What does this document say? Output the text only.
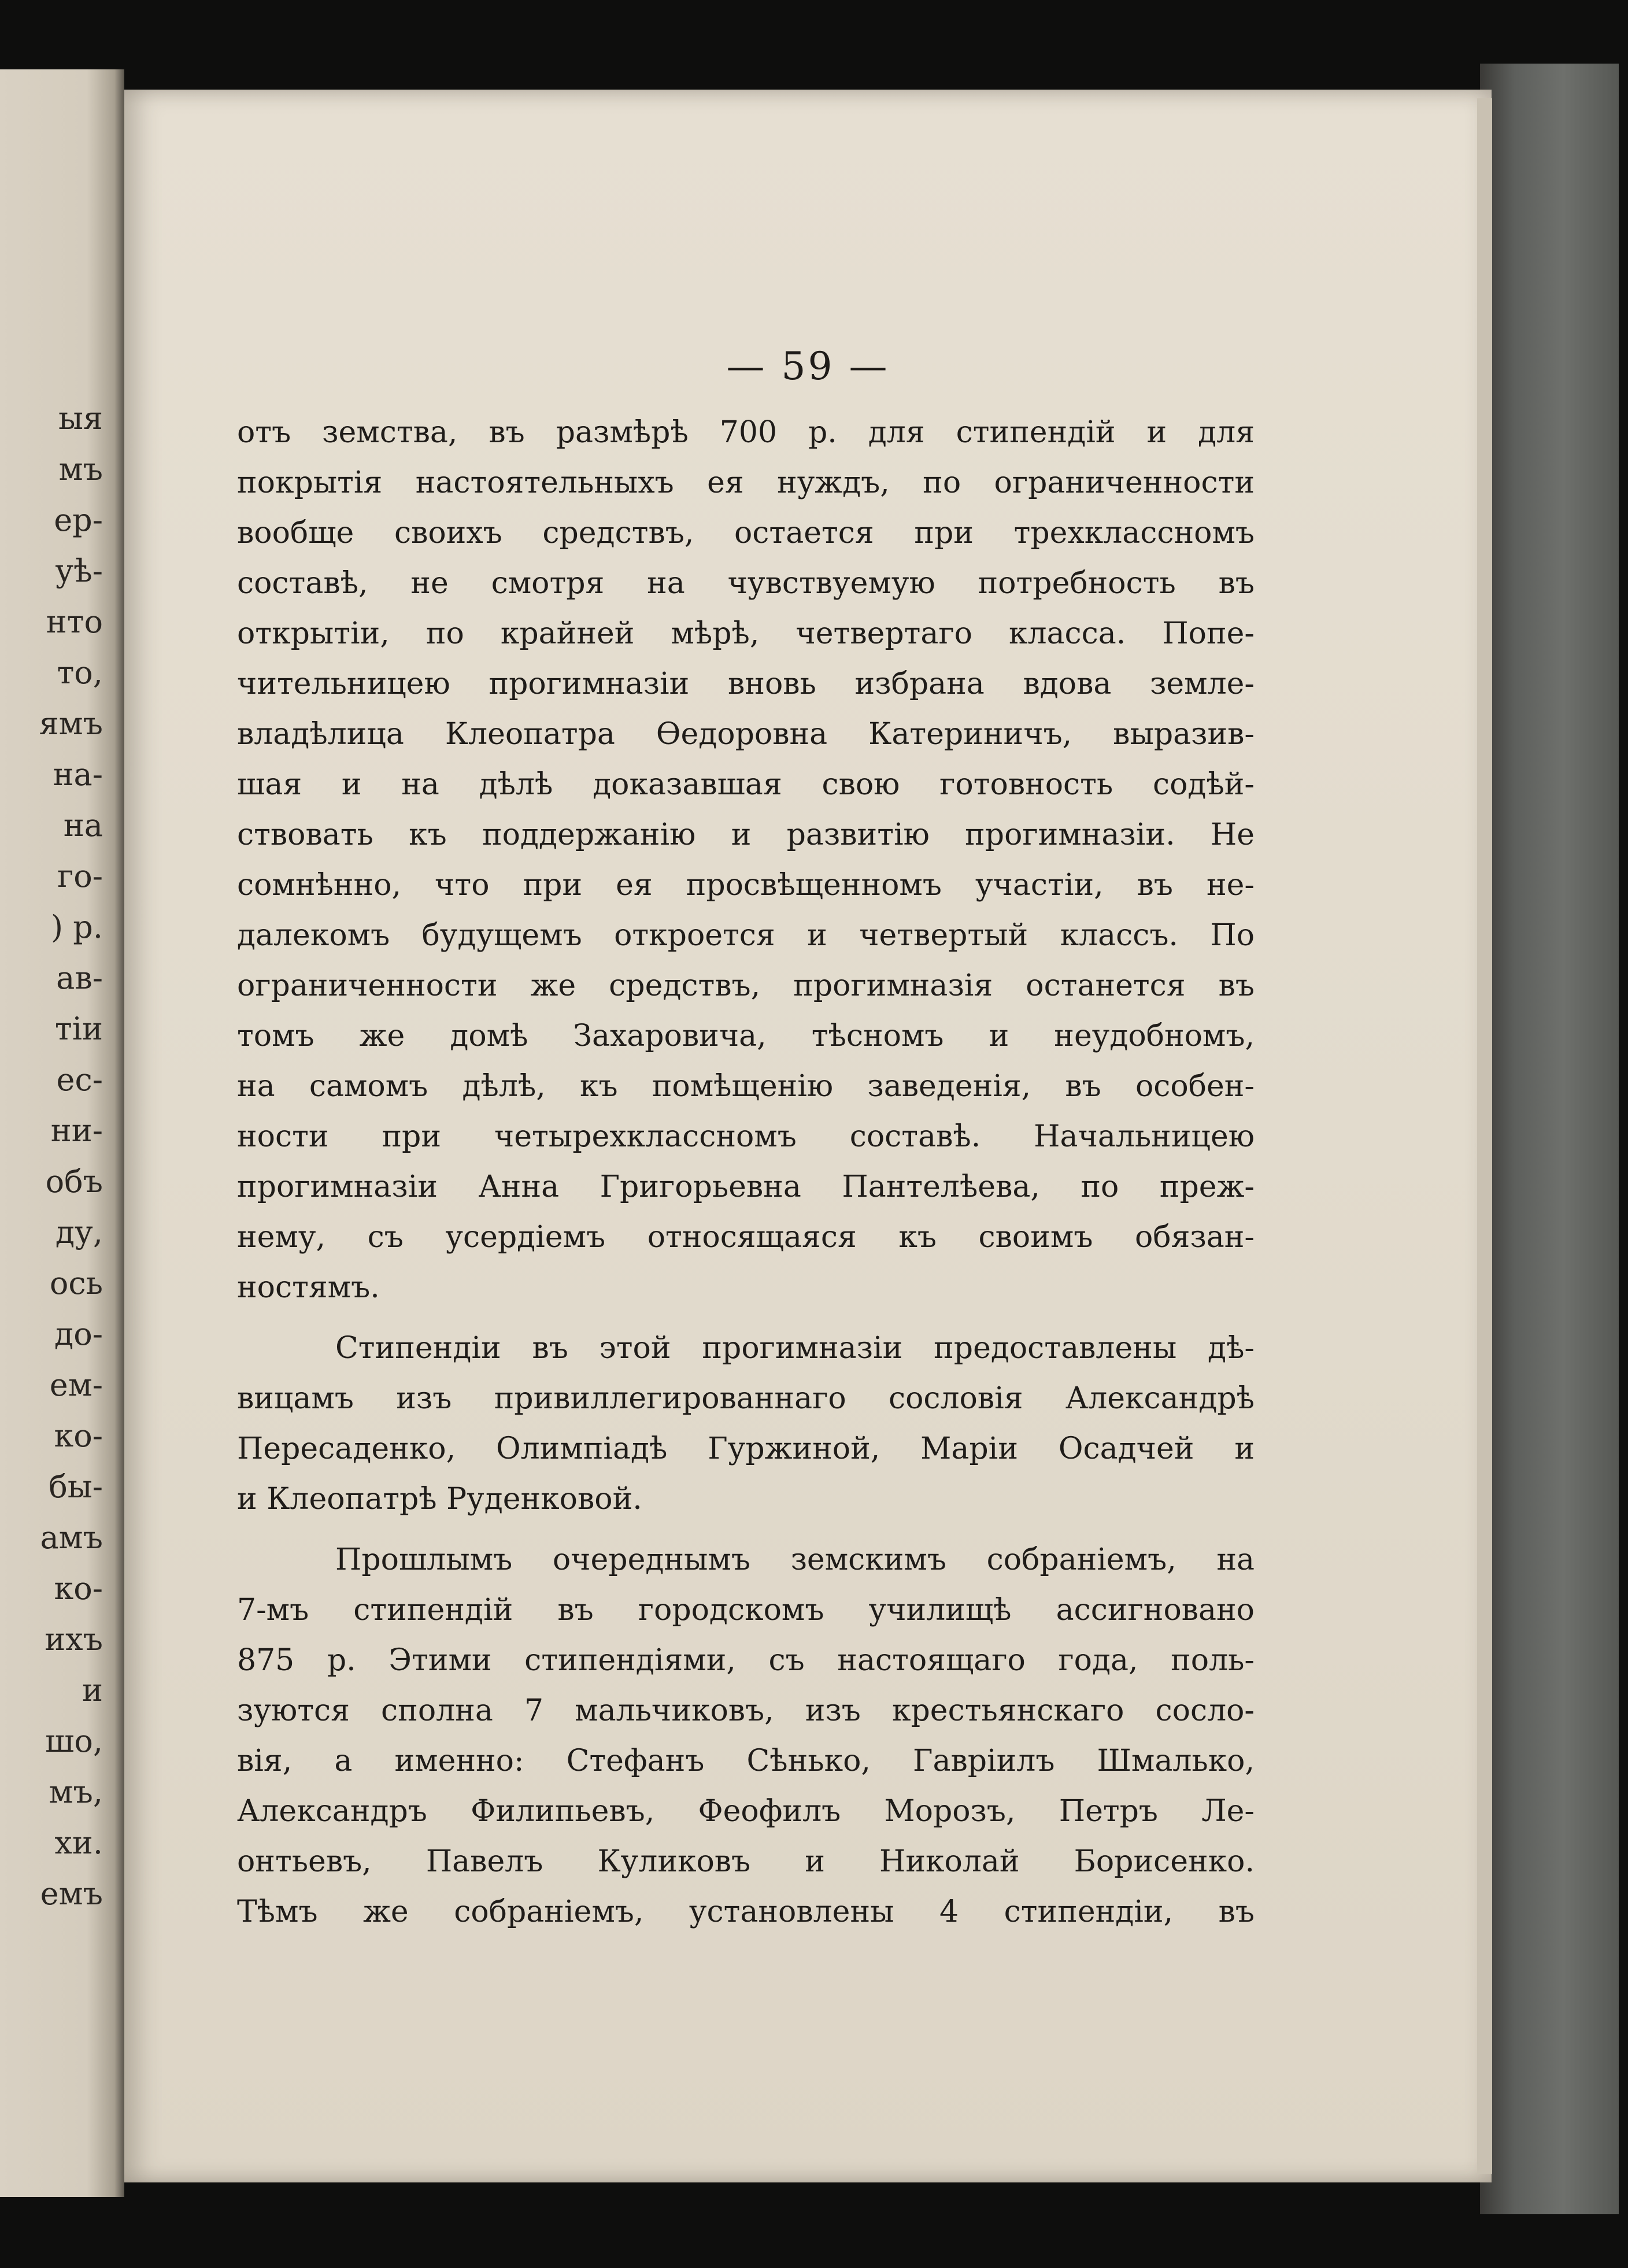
ыя
мъ
ер-
уѣ-
нто
то,
ямъ
на-
на
го-
) р.
ав-
тіи
ес-
ни-
объ
ду,
ось
до-
ем-
ко-
бы-
амъ
ко-
ихъ
и
шо,
мъ,
хи.
емъ
— 59 —
отъ земства, въ размѣрѣ 700 р. для стипендій и для
покрытія настоятельныхъ ея нуждъ, по ограниченности
вообще своихъ средствъ, остается при трехклассномъ
составѣ, не смотря на чувствуемую потребность въ
открытіи, по крайней мѣрѣ, четвертаго класса. Попе-
чительницею прогимназіи вновь избрана вдова земле-
владѣлица Клеопатра Ѳедоровна Катериничъ, выразив-
шая и на дѣлѣ доказавшая свою готовность содѣй-
ствовать къ поддержанію и развитію прогимназіи. Не
сомнѣнно, что при ея просвѣщенномъ участіи, въ не-
далекомъ будущемъ откроется и четвертый классъ. По
ограниченности же средствъ, прогимназія останется въ
томъ же домѣ Захаровича, тѣсномъ и неудобномъ,
на самомъ дѣлѣ, къ помѣщенію заведенія, въ особен-
ности при четырехклассномъ составѣ. Начальницею
прогимназіи Анна Григорьевна Пантелѣева, по преж-
нему, съ усердіемъ относящаяся къ своимъ обязан-
ностямъ.
Стипендіи въ этой прогимназіи предоставлены дѣ-
вицамъ изъ привиллегированнаго сословія Александрѣ
Пересаденко, Олимпіадѣ Гуржиной, Маріи Осадчей и
и Клеопатрѣ Руденковой.
Прошлымъ очереднымъ земскимъ собраніемъ, на
7-мъ стипендій въ городскомъ училищѣ ассигновано
875 р. Этими стипендіями, съ настоящаго года, поль-
зуются сполна 7 мальчиковъ, изъ крестьянскаго сосло-
вія, а именно: Стефанъ Сѣнько, Гавріилъ Шмалько,
Александръ Филипьевъ, Феофилъ Морозъ, Петръ Ле-
онтьевъ, Павелъ Куликовъ и Николай Борисенко.
Тѣмъ же собраніемъ, установлены 4 стипендіи, въ
